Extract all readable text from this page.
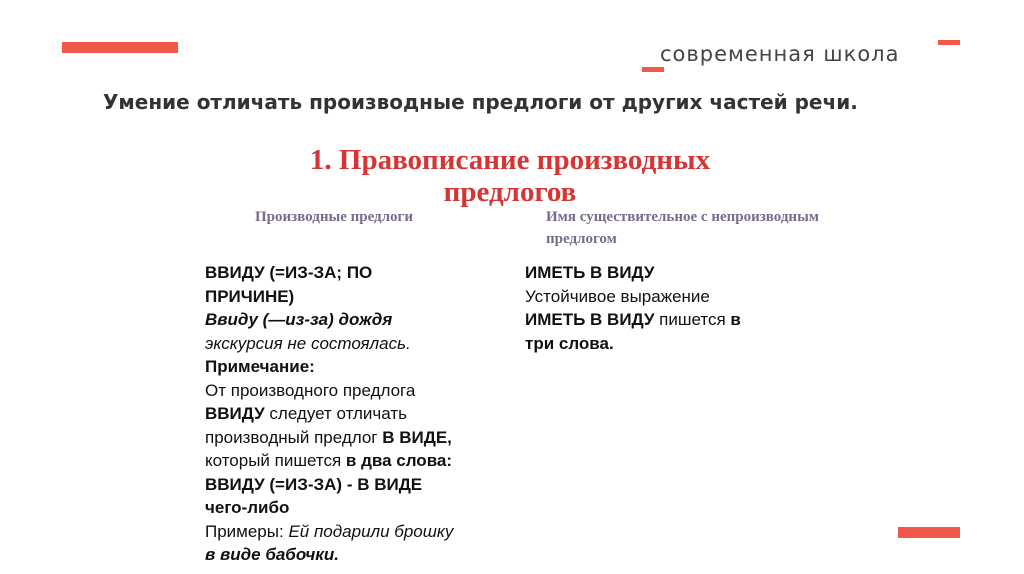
современная школа
Умение отличать производные предлоги от других частей речи.
1. Правописание производных предлогов
Производные предлоги	Имя существительное с непроизводным предлогом
ВВИДУ (=ИЗ-ЗА; ПО
ПРИЧИНЕ)
Ввиду (—из-за) дождя
экскурсия не состоялась.
Примечание:
От производного предлога
ВВИДУ следует отличать
производный предлог В ВИДЕ,
который пишется в два слова:
ВВИДУ (=ИЗ-ЗА) - В ВИДЕ
чего-либо
Примеры: Ей подарили брошку
в виде бабочки.
ИМЕТЬ В ВИДУ
Устойчивое выражение
ИМЕТЬ В ВИДУ пишется в
три слова.
